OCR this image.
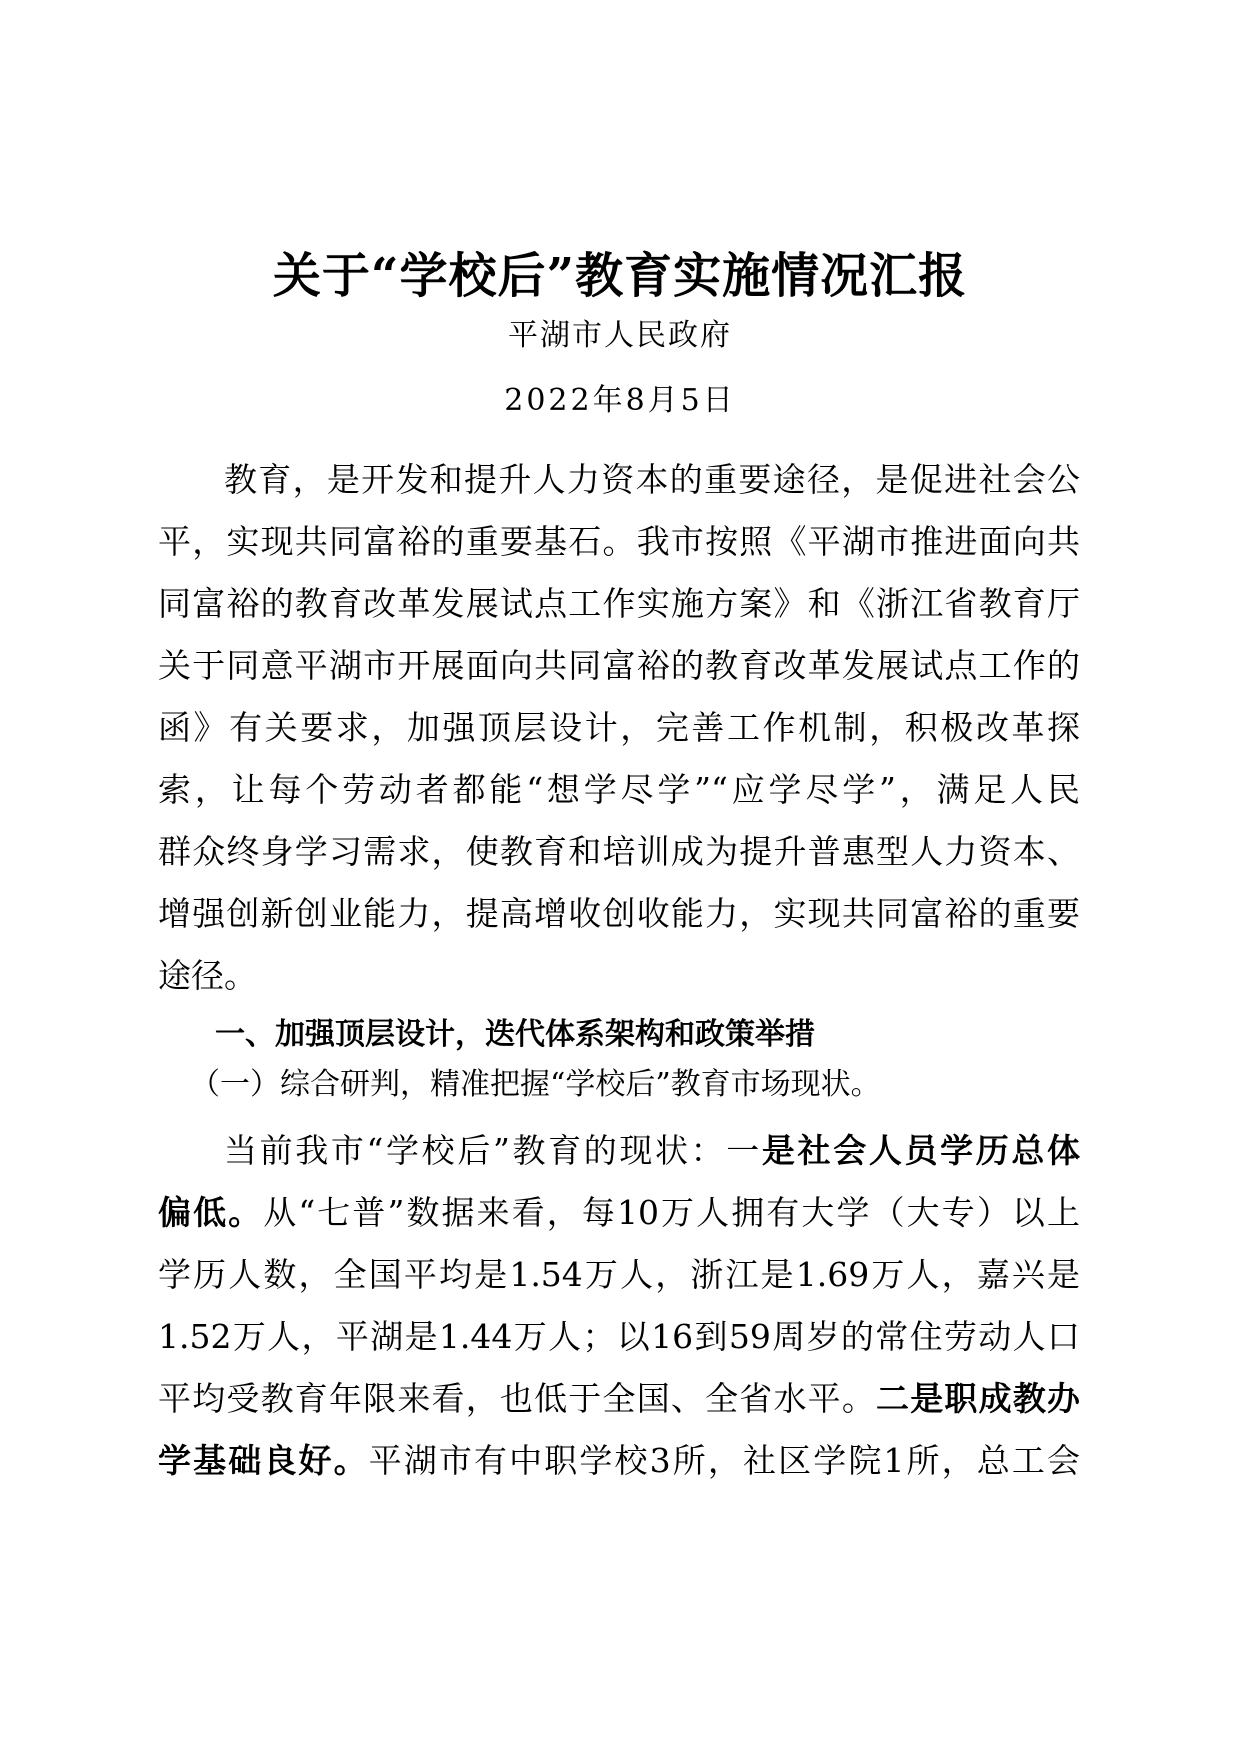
关于“学校后”教育实施情况汇报
平湖市人民政府
2022年8月5日
教育，是开发和提升人力资本的重要途径，是促进社会公
平，实现共同富裕的重要基石。我市按照《平湖市推进面向共
同富裕的教育改革发展试点工作实施方案》和《浙江省教育厅
关于同意平湖市开展面向共同富裕的教育改革发展试点工作的
函》有关要求，加强顶层设计，完善工作机制，积极改革探
索，让每个劳动者都能“想学尽学”“应学尽学”，满足人民
群众终身学习需求，使教育和培训成为提升普惠型人力资本、
增强创新创业能力，提高增收创收能力，实现共同富裕的重要
途径。
一、加强顶层设计，迭代体系架构和政策举措
（一）综合研判，精准把握“学校后”教育市场现状。
当前我市“学校后”教育的现状：一是社会人员学历总体
偏低。从“七普”数据来看，每10万人拥有大学（大专）以上
学历人数，全国平均是1.54万人，浙江是1.69万人，嘉兴是
1.52万人，平湖是1.44万人；以16到59周岁的常住劳动人口
平均受教育年限来看，也低于全国、全省水平。二是职成教办
学基础良好。平湖市有中职学校3所，社区学院1所，总工会
